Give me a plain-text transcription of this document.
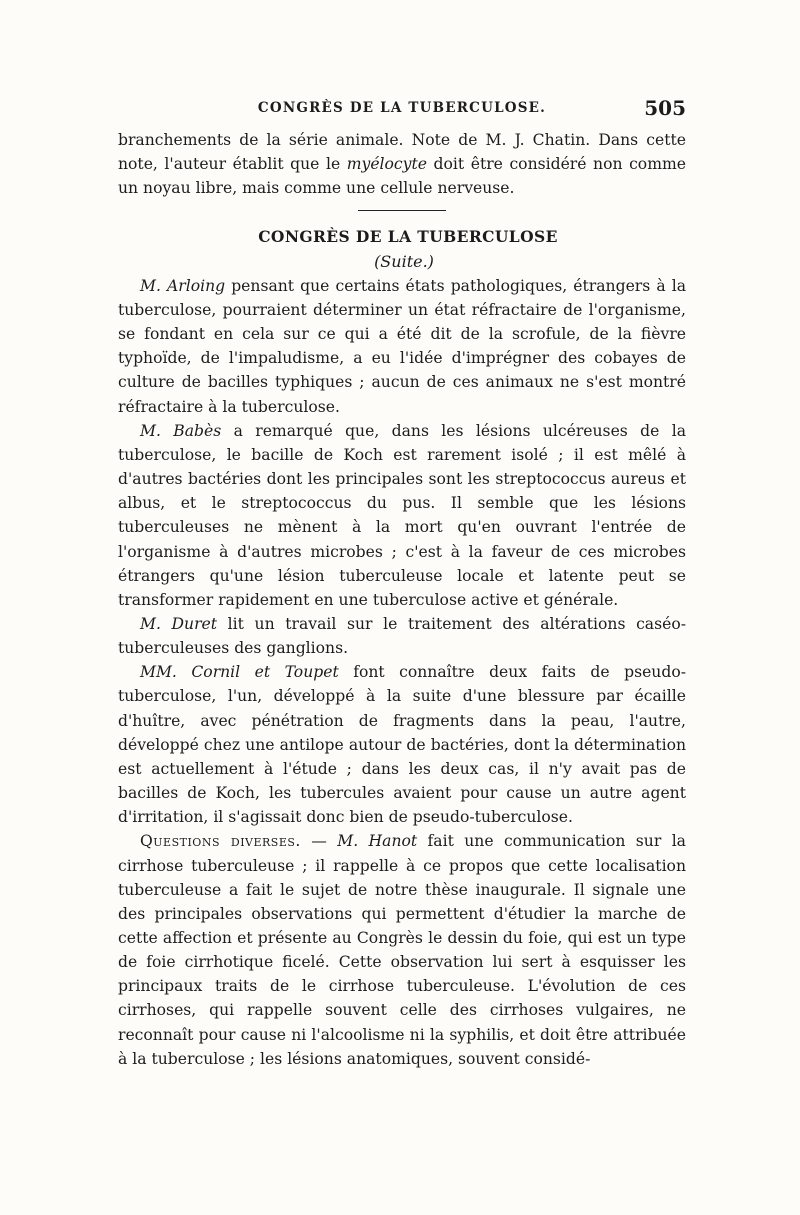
CONGRÈS DE LA TUBERCULOSE.	505

branchements de la série animale. Note de M. J. Chatin. Dans cette note, l'auteur établit que le myélocyte doit être considéré non comme un noyau libre, mais comme une cellule nerveuse.

CONGRÈS DE LA TUBERCULOSE

(Suite.)

M. Arloing pensant que certains états pathologiques, étrangers à la tuberculose, pourraient déterminer un état réfractaire de l'organisme, se fondant en cela sur ce qui a été dit de la scrofule, de la fièvre typhoïde, de l'impaludisme, a eu l'idée d'imprégner des cobayes de culture de bacilles typhiques ; aucun de ces animaux ne s'est montré réfractaire à la tuberculose.

M. Babès a remarqué que, dans les lésions ulcéreuses de la tuberculose, le bacille de Koch est rarement isolé ; il est mêlé à d'autres bactéries dont les principales sont les streptococcus aureus et albus, et le streptococcus du pus. Il semble que les lésions tuberculeuses ne mènent à la mort qu'en ouvrant l'entrée de l'organisme à d'autres microbes ; c'est à la faveur de ces microbes étrangers qu'une lésion tuberculeuse locale et latente peut se transformer rapidement en une tuberculose active et générale.

M. Duret lit un travail sur le traitement des altérations caséo-tuberculeuses des ganglions.

MM. Cornil et Toupet font connaître deux faits de pseudo-tuberculose, l'un, développé à la suite d'une blessure par écaille d'huître, avec pénétration de fragments dans la peau, l'autre, développé chez une antilope autour de bactéries, dont la détermination est actuellement à l'étude ; dans les deux cas, il n'y avait pas de bacilles de Koch, les tubercules avaient pour cause un autre agent d'irritation, il s'agissait donc bien de pseudo-tuberculose.

Questions diverses. — M. Hanot fait une communication sur la cirrhose tuberculeuse ; il rappelle à ce propos que cette localisation tuberculeuse a fait le sujet de notre thèse inaugurale. Il signale une des principales observations qui permettent d'étudier la marche de cette affection et présente au Congrès le dessin du foie, qui est un type de foie cirrhotique ficelé. Cette observation lui sert à esquisser les principaux traits de le cirrhose tuberculeuse. L'évolution de ces cirrhoses, qui rappelle souvent celle des cirrhoses vulgaires, ne reconnaît pour cause ni l'alcoolisme ni la syphilis, et doit être attribuée à la tuberculose ; les lésions anatomiques, souvent considé-
